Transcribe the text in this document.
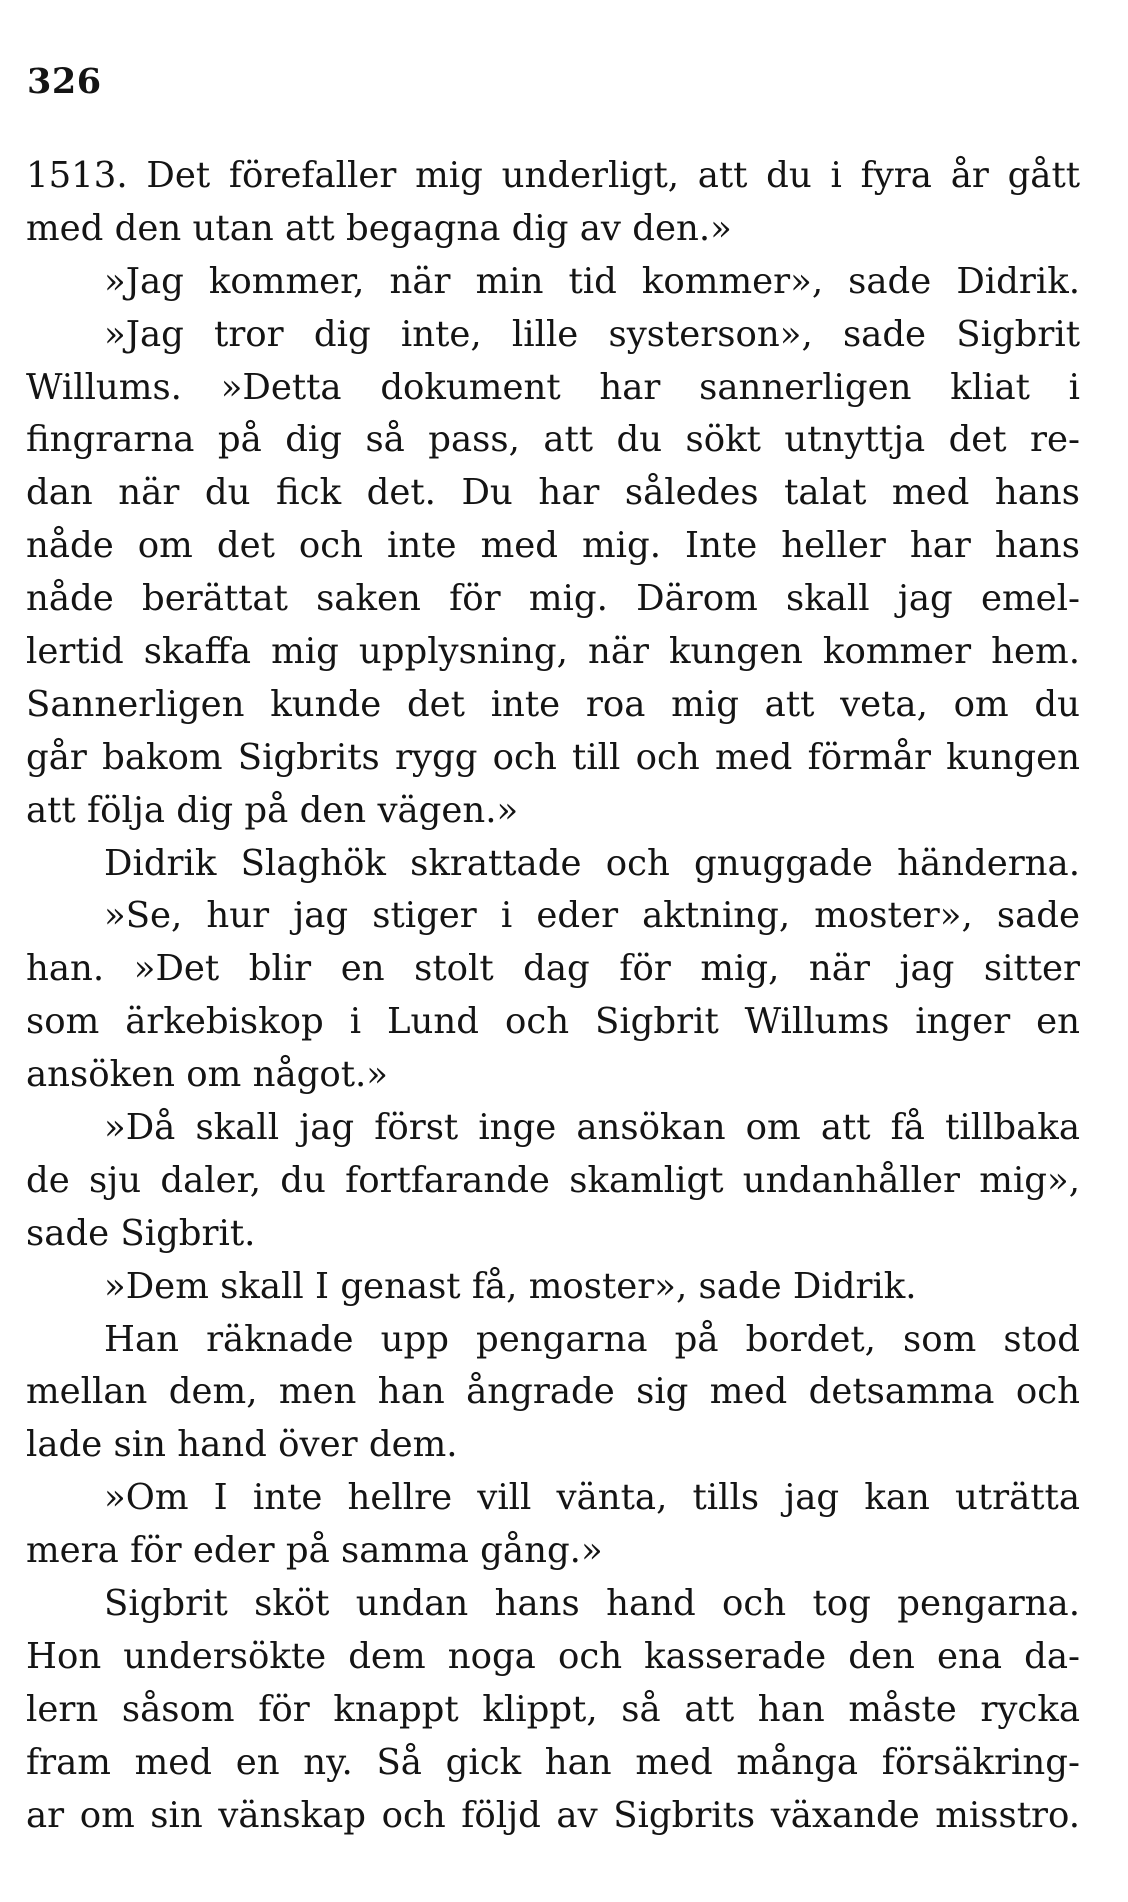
326
1513. Det förefaller mig underligt, att du i fyra år gått
med den utan att begagna dig av den.»
»Jag kommer, när min tid kommer», sade Didrik.
»Jag tror dig inte, lille systerson», sade Sigbrit
Willums. »Detta dokument har sannerligen kliat i
fingrarna på dig så pass, att du sökt utnyttja det re-
dan när du fick det. Du har således talat med hans
nåde om det och inte med mig. Inte heller har hans
nåde berättat saken för mig. Därom skall jag emel-
lertid skaffa mig upplysning, när kungen kommer hem.
Sannerligen kunde det inte roa mig att veta, om du
går bakom Sigbrits rygg och till och med förmår kungen
att följa dig på den vägen.»
Didrik Slaghök skrattade och gnuggade händerna.
»Se, hur jag stiger i eder aktning, moster», sade
han. »Det blir en stolt dag för mig, när jag sitter
som ärkebiskop i Lund och Sigbrit Willums inger en
ansöken om något.»
»Då skall jag först inge ansökan om att få tillbaka
de sju daler, du fortfarande skamligt undanhåller mig»,
sade Sigbrit.
»Dem skall I genast få, moster», sade Didrik.
Han räknade upp pengarna på bordet, som stod
mellan dem, men han ångrade sig med detsamma och
lade sin hand över dem.
»Om I inte hellre vill vänta, tills jag kan uträtta
mera för eder på samma gång.»
Sigbrit sköt undan hans hand och tog pengarna.
Hon undersökte dem noga och kasserade den ena da-
lern såsom för knappt klippt, så att han måste rycka
fram med en ny. Så gick han med många försäkring-
ar om sin vänskap och följd av Sigbrits växande misstro.
